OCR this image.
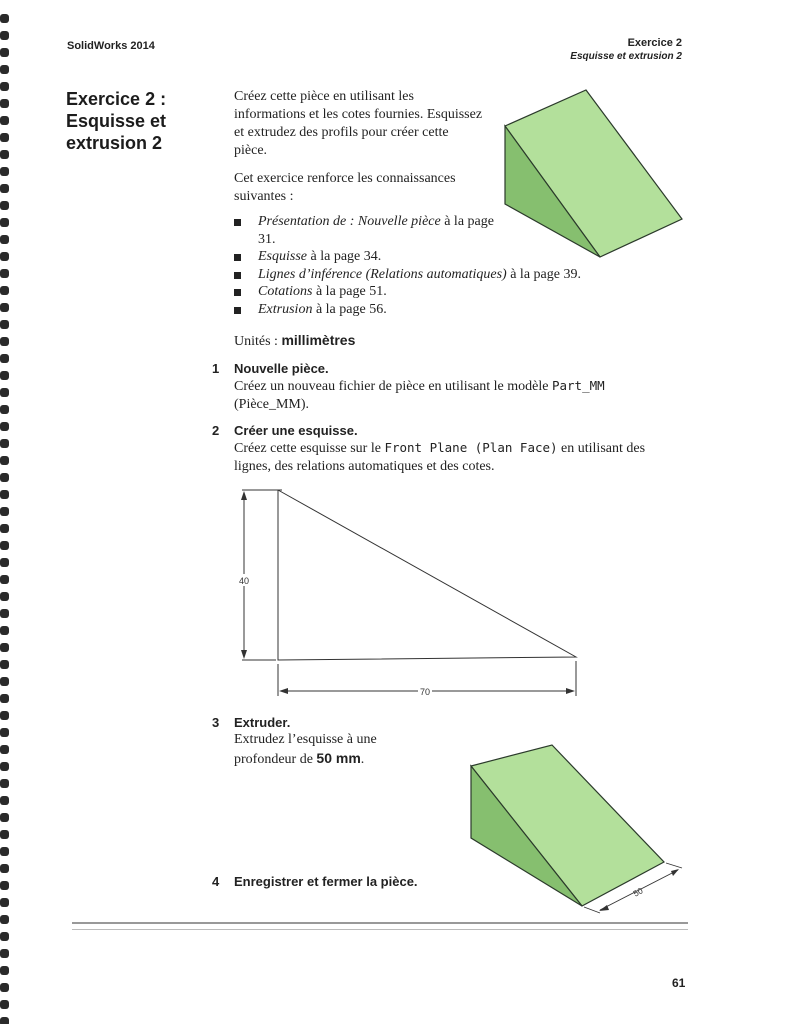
SolidWorks 2014	Exercice 2
Esquisse et extrusion 2
Exercice 2 :
Esquisse et
extrusion 2

Créez cette pièce en utilisant les informations et les cotes fournies. Esquissez et extrudez des profils pour créer cette pièce.

Cet exercice renforce les connaissances suivantes :

Présentation de : Nouvelle pièce à la page 31.
Esquisse à la page 34.
Lignes d’inférence (Relations automatiques) à la page 39.
Cotations à la page 51.
Extrusion à la page 56.
Unités : millimètres
1 Nouvelle pièce.
Créez un nouveau fichier de pièce en utilisant le modèle Part_MM
(Pièce_MM).
2 Créer une esquisse.
Créez cette esquisse sur le Front Plane (Plan Face) en utilisant des
lignes, des relations automatiques et des cotes.
3 Extruder.
Extrudez l’esquisse à une
profondeur de 50 mm.
4 Enregistrer et fermer la pièce.
40
70
50
61
